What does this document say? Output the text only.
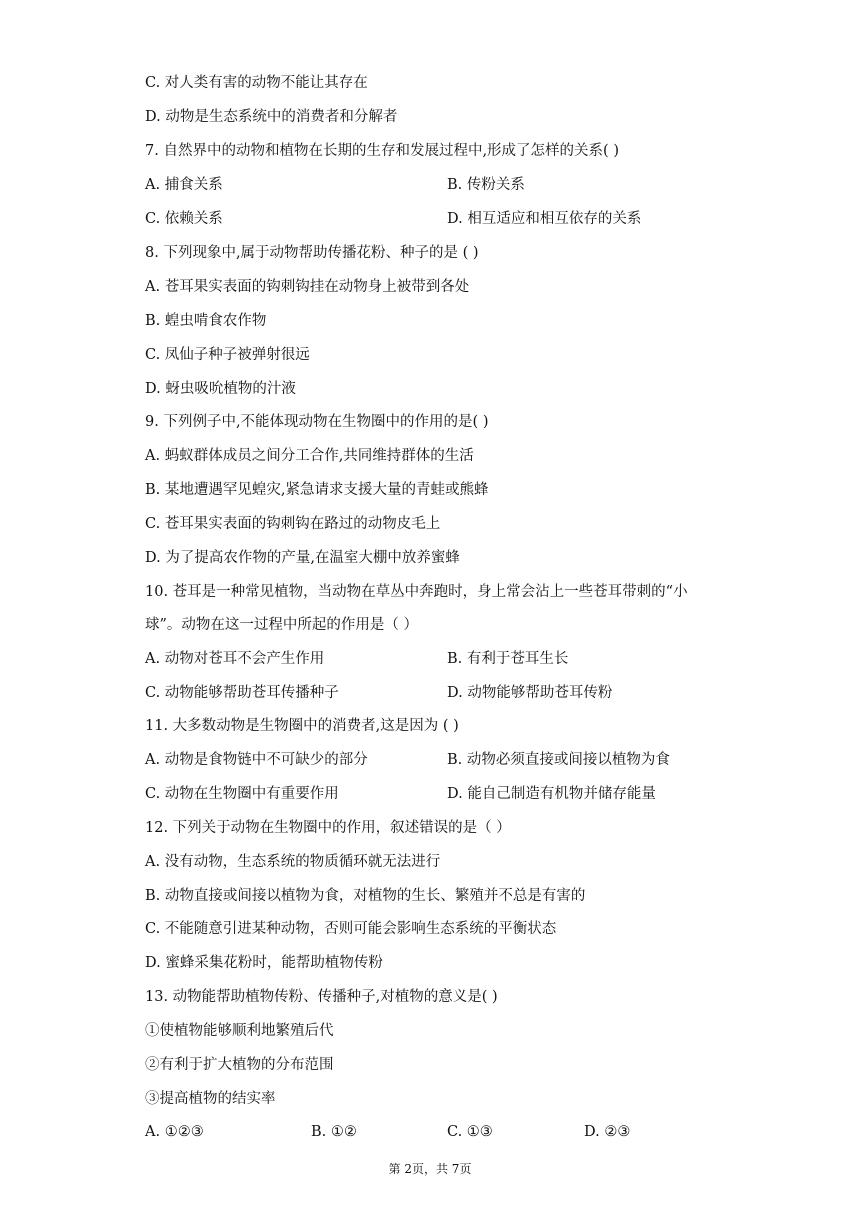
C. 对人类有害的动物不能让其存在
D. 动物是生态系统中的消费者和分解者
7. 自然界中的动物和植物在长期的生存和发展过程中,形成了怎样的关系( )
A. 捕食关系	B. 传粉关系
C. 依赖关系	D. 相互适应和相互依存的关系
8. 下列现象中,属于动物帮助传播花粉、种子的是 ( )
A. 苍耳果实表面的钩刺钩挂在动物身上被带到各处
B. 蝗虫啃食农作物
C. 凤仙子种子被弹射很远
D. 蚜虫吸吮植物的汁液
9. 下列例子中,不能体现动物在生物圈中的作用的是( )
A. 蚂蚁群体成员之间分工合作,共同维持群体的生活
B. 某地遭遇罕见蝗灾,紧急请求支援大量的青蛙或熊蜂
C. 苍耳果实表面的钩刺钩在路过的动物皮毛上
D. 为了提高农作物的产量,在温室大棚中放养蜜蜂
10. 苍耳是一种常见植物，当动物在草丛中奔跑时，身上常会沾上一些苍耳带刺的“小
球”。动物在这一过程中所起的作用是（ ）
A. 动物对苍耳不会产生作用	B. 有利于苍耳生长
C. 动物能够帮助苍耳传播种子	D. 动物能够帮助苍耳传粉
11. 大多数动物是生物圈中的消费者,这是因为 ( )
A. 动物是食物链中不可缺少的部分	B. 动物必须直接或间接以植物为食
C. 动物在生物圈中有重要作用	D. 能自己制造有机物并储存能量
12. 下列关于动物在生物圈中的作用，叙述错误的是（ ）
A. 没有动物，生态系统的物质循环就无法进行
B. 动物直接或间接以植物为食，对植物的生长、繁殖并不总是有害的
C. 不能随意引进某种动物，否则可能会影响生态系统的平衡状态
D. 蜜蜂采集花粉时，能帮助植物传粉
13. 动物能帮助植物传粉、传播种子,对植物的意义是( )
①使植物能够顺利地繁殖后代
②有利于扩大植物的分布范围
③提高植物的结实率
A. ①②③	B. ①②	C. ①③	D. ②③
第 2页，共 7页
